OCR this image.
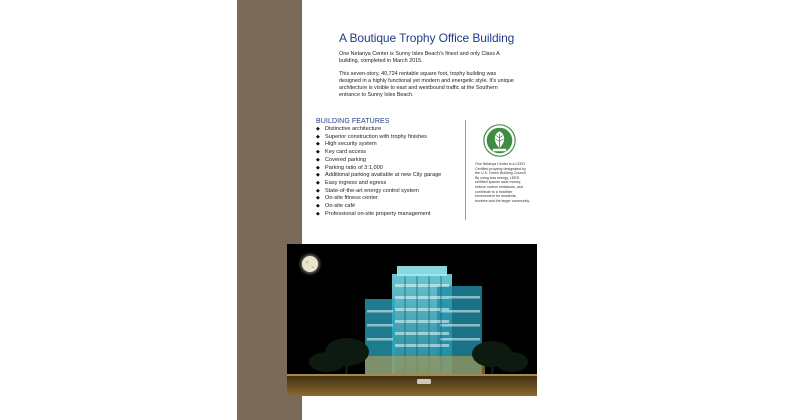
A Boutique Trophy Office Building

One Netanya Center is Sunny Isles Beach's finest and only Class A building, completed in March 2015.

This seven-story, 40,724 rentable square foot, trophy building was designed in a highly functional yet modern and energetic style. It's unique architecture is visible to east and westbound traffic at the Southern entrance to Sunny Isles Beach.

BUILDING FEATURES
◆ Distinctive architecture
◆ Superior construction with trophy finishes
◆ High security system
◆ Key card access
◆ Covered parking
◆ Parking ratio of 3:1,000
◆ Additional parking available at new City garage
◆ Easy ingress and egress
◆ State-of-the-art energy control system
◆ On-site fitness center
◆ On-site café
◆ Professional on-site property management
One Netanya Center is a LEED Certified property designated by the U.S. Green Building Council. By using less energy, LEED certified spaces save money, reduce carbon emissions, and contribute to a healthier environment for residents, workers and the larger community.
